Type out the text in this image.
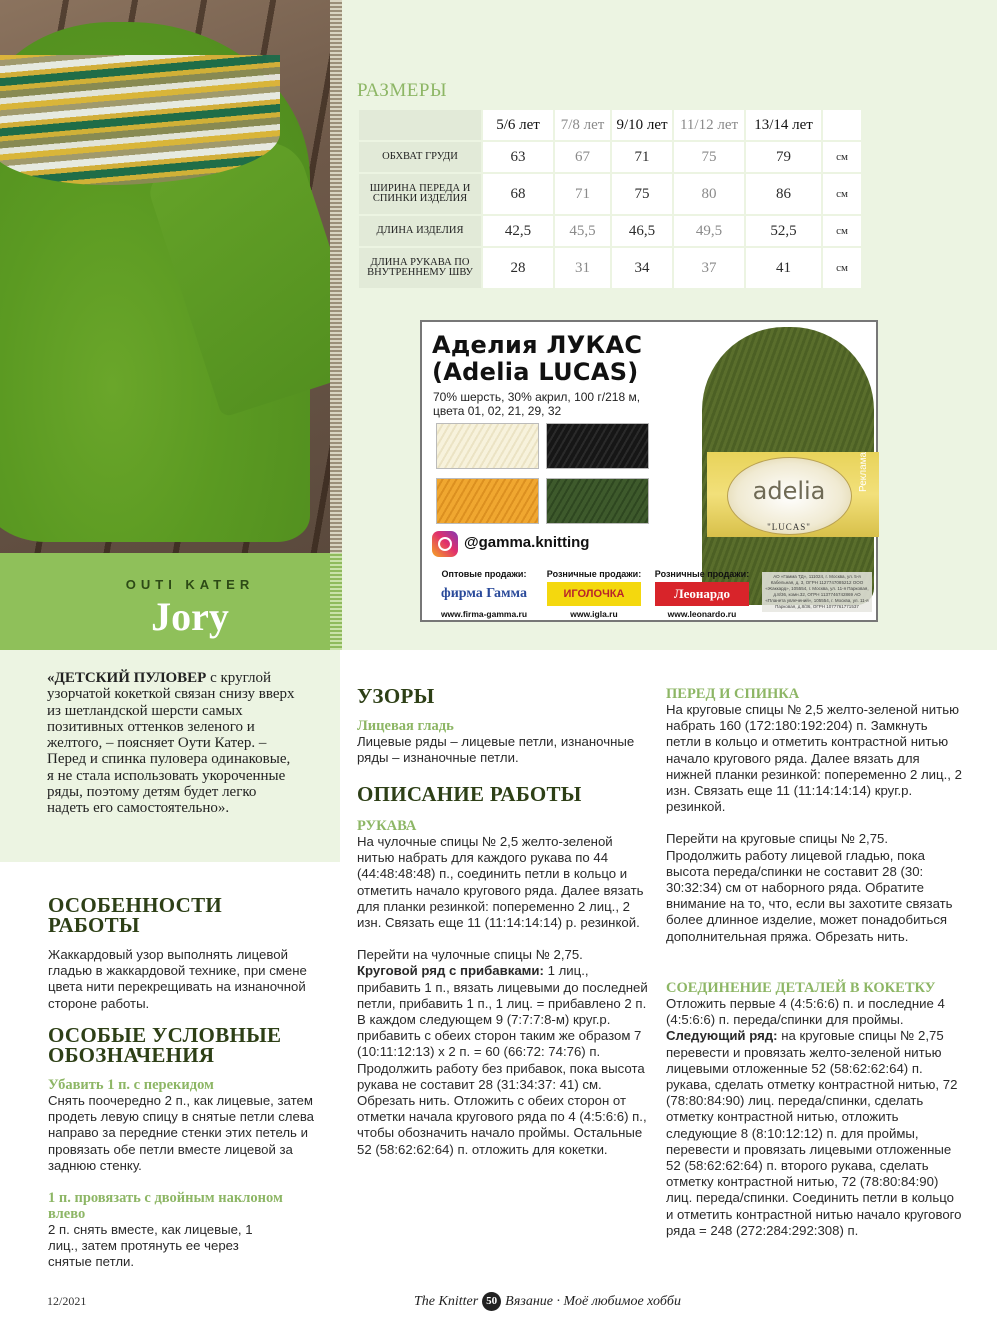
OUTI KATER
Jory
РАЗМЕРЫ
	5/6 лет	7/8 лет	9/10 лет	11/12 лет	13/14 лет	
ОБХВАТ ГРУДИ	63	67	71	75	79	см
ШИРИНА ПЕРЕДА И СПИНКИ ИЗДЕЛИЯ	68	71	75	80	86	см
ДЛИНА ИЗДЕЛИЯ	42,5	45,5	46,5	49,5	52,5	см
ДЛИНА РУКАВА ПО ВНУТРЕННЕМУ ШВУ	28	31	34	37	41	см
adelia
"LUCAS"
Реклама
Аделия ЛУКАС
(Adelia LUCAS)
70% шерсть, 30% акрил, 100 г/218 м,
цвета 01, 02, 21, 29, 32
@gamma.knitting
Оптовые продажи:
фирма Гамма
www.firma-gamma.ru
Розничные продажи:
ИГОЛОЧКА
www.igla.ru
Розничные продажи:
Леонардо
www.leonardo.ru
АО «Гамма ТД», 111024, г. Москва, ул. 5-я Кабельная, д. 3, ОГРН 1127747085212 ООО «Жаккард», 105554, г. Москва, ул. 11-я Парковая, д.8/36, комн.32, ОГРН 1137746742869 АО «Планета увлечений», 105554, г. Москва, ул. 11-я Парковая, д.8/36, ОГРН 1077761771537
«ДЕТСКИЙ ПУЛОВЕР с круглой узорчатой кокеткой связан снизу вверх из шетландской шерсти самых позитивных оттенков зеленого и желтого, – поясняет Оути Катер. – Перед и спинка пуловера одинаковые, я не стала использовать укороченные ряды, поэтому детям будет легко надеть его самостоятельно».
ОСОБЕННОСТИ РАБОТЫ
Жаккардовый узор выполнять лицевой гладью в жаккардовой технике, при смене цвета нити перекрещивать на изнаночной стороне работы.
ОСОБЫЕ УСЛОВНЫЕ ОБОЗНАЧЕНИЯ
Убавить 1 п. с перекидом
Снять поочередно 2 п., как лицевые, затем продеть левую спицу в снятые петли слева направо за передние стенки этих петель и провязать обе петли вместе лицевой за заднюю стенку.
1 п. провязать с двойным наклоном влево
2 п. снять вместе, как лицевые, 1 лиц., затем протянуть ее через снятые петли.
УЗОРЫ
Лицевая гладь
Лицевые ряды – лицевые петли, изнаночные ряды – изнаночные петли.
ОПИСАНИЕ РАБОТЫ
РУКАВА
На чулочные спицы № 2,5 желто-зеленой нитью набрать для каждого рукава по 44 (44:48:48:48) п., соединить петли в кольцо и отметить начало кругового ряда. Далее вязать для планки резинкой: попеременно 2 лиц., 2 изн. Связать еще 11 (11:14:14:14) р. резинкой.
Перейти на чулочные спицы № 2,75.
Круговой ряд с прибавками: 1 лиц., прибавить 1 п., вязать лицевыми до последней петли, прибавить 1 п., 1 лиц. = прибавлено 2 п. В каждом следующем 9 (7:7:7:8-м) круг.р. прибавить с обеих сторон таким же образом 7 (10:11:12:13) х 2 п. = 60 (66:72: 74:76) п. Продолжить работу без прибавок, пока высота рукава не составит 28 (31:34:37: 41) см. Обрезать нить. Отложить с обеих сторон от отметки начала кругового ряда по 4 (4:5:6:6) п., чтобы обозначить начало проймы. Остальные 52 (58:62:62:64) п. отложить для кокетки.
ПЕРЕД И СПИНКА
На круговые спицы № 2,5 желто-зеленой нитью набрать 160 (172:180:192:204) п. Замкнуть петли в кольцо и отметить контрастной нитью начало кругового ряда. Далее вязать для нижней планки резинкой: попеременно 2 лиц., 2 изн. Связать еще 11 (11:14:14:14) круг.р. резинкой.
Перейти на круговые спицы № 2,75. Продолжить работу лицевой гладью, пока высота переда/спинки не составит 28 (30: 30:32:34) см от наборного ряда. Обратите внимание на то, что, если вы захотите связать более длинное изделие, может понадобиться дополнительная пряжа. Обрезать нить.
СОЕДИНЕНИЕ ДЕТАЛЕЙ В КОКЕТКУ
Отложить первые 4 (4:5:6:6) п. и последние 4 (4:5:6:6) п. переда/спинки для проймы.
Следующий ряд: на круговые спицы № 2,75 перевести и провязать желто-зеленой нитью лицевыми отложенные 52 (58:62:62:64) п. рукава, сделать отметку контрастной нитью, 72 (78:80:84:90) лиц. переда/спинки, сделать отметку контрастной нитью, отложить следующие 8 (8:10:12:12) п. для проймы, перевести и провязать лицевыми отложенные 52 (58:62:62:64) п. второго рукава, сделать отметку контрастной нитью, 72 (78:80:84:90) лиц. переда/спинки. Соединить петли в кольцо и отметить контрастной нитью начало кругового ряда = 248 (272:284:292:308) п.
12/2021	The Knitter 50 Вязание · Моё любимое хобби
